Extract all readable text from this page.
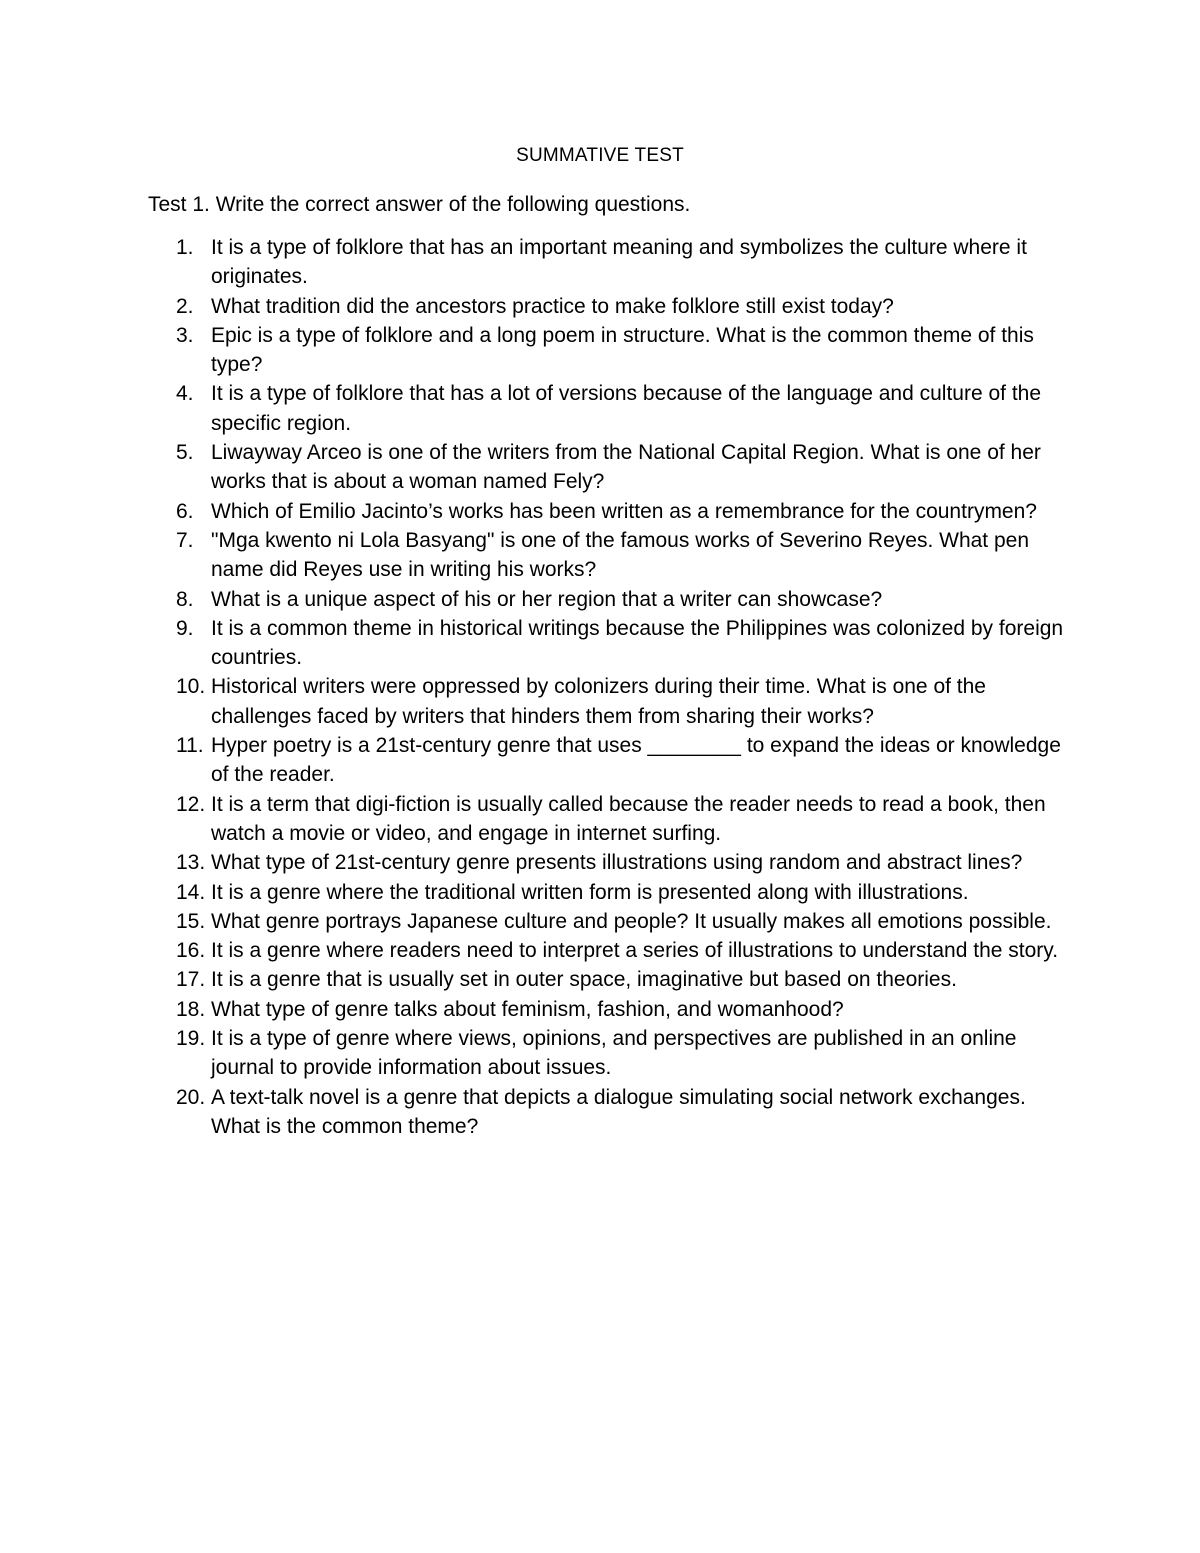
SUMMATIVE TEST
Test 1. Write the correct answer of the following questions.
1. It is a type of folklore that has an important meaning and symbolizes the culture where it originates.
2. What tradition did the ancestors practice to make folklore still exist today?
3. Epic is a type of folklore and a long poem in structure. What is the common theme of this type?
4. It is a type of folklore that has a lot of versions because of the language and culture of the specific region.
5. Liwayway Arceo is one of the writers from the National Capital Region. What is one of her works that is about a woman named Fely?
6. Which of Emilio Jacinto’s works has been written as a remembrance for the countrymen?
7. "Mga kwento ni Lola Basyang" is one of the famous works of Severino Reyes. What pen name did Reyes use in writing his works?
8. What is a unique aspect of his or her region that a writer can showcase?
9. It is a common theme in historical writings because the Philippines was colonized by foreign countries.
10. Historical writers were oppressed by colonizers during their time. What is one of the challenges faced by writers that hinders them from sharing their works?
11. Hyper poetry is a 21st-century genre that uses ________ to expand the ideas or knowledge of the reader.
12. It is a term that digi-fiction is usually called because the reader needs to read a book, then watch a movie or video, and engage in internet surfing.
13. What type of 21st-century genre presents illustrations using random and abstract lines?
14. It is a genre where the traditional written form is presented along with illustrations.
15. What genre portrays Japanese culture and people? It usually makes all emotions possible.
16. It is a genre where readers need to interpret a series of illustrations to understand the story.
17. It is a genre that is usually set in outer space, imaginative but based on theories.
18. What type of genre talks about feminism, fashion, and womanhood?
19. It is a type of genre where views, opinions, and perspectives are published in an online journal to provide information about issues.
20. A text-talk novel is a genre that depicts a dialogue simulating social network exchanges. What is the common theme?
